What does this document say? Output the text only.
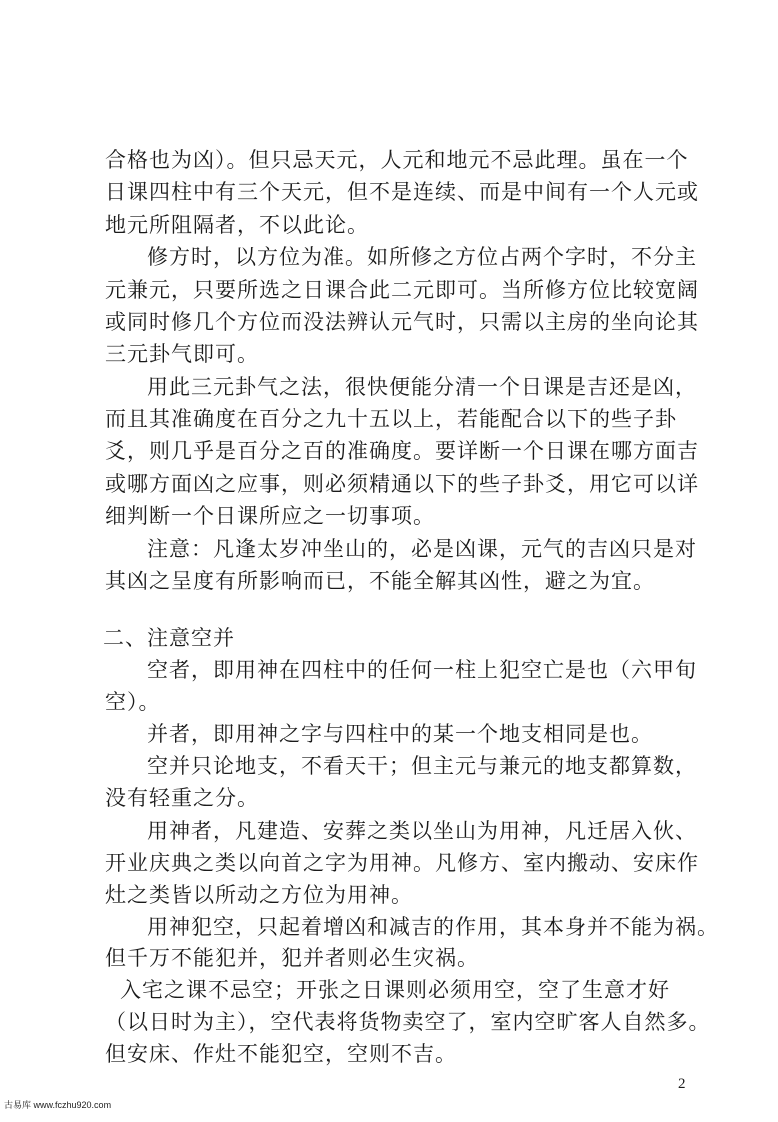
合格也为凶）。但只忌天元，人元和地元不忌此理。虽在一个
日课四柱中有三个天元，但不是连续、而是中间有一个人元或
地元所阻隔者，不以此论。
修方时，以方位为准。如所修之方位占两个字时，不分主
元兼元，只要所选之日课合此二元即可。当所修方位比较宽阔
或同时修几个方位而没法辨认元气时，只需以主房的坐向论其
三元卦气即可。
用此三元卦气之法，很快便能分清一个日课是吉还是凶，
而且其准确度在百分之九十五以上，若能配合以下的些子卦
爻，则几乎是百分之百的准确度。要详断一个日课在哪方面吉
或哪方面凶之应事，则必须精通以下的些子卦爻，用它可以详
细判断一个日课所应之一切事项。
注意：凡逢太岁冲坐山的，必是凶课，元气的吉凶只是对
其凶之呈度有所影响而已，不能全解其凶性，避之为宜。
二、注意空并
空者，即用神在四柱中的任何一柱上犯空亡是也（六甲旬
空）。
并者，即用神之字与四柱中的某一个地支相同是也。
空并只论地支，不看天干；但主元与兼元的地支都算数，
没有轻重之分。
用神者，凡建造、安葬之类以坐山为用神，凡迁居入伙、
开业庆典之类以向首之字为用神。凡修方、室内搬动、安床作
灶之类皆以所动之方位为用神。
用神犯空，只起着增凶和减吉的作用，其本身并不能为祸。
但千万不能犯并，犯并者则必生灾祸。
入宅之课不忌空；开张之日课则必须用空，空了生意才好
（以日时为主），空代表将货物卖空了，室内空旷客人自然多。
但安床、作灶不能犯空，空则不吉。
2
古易库 www.fczhu920.com
